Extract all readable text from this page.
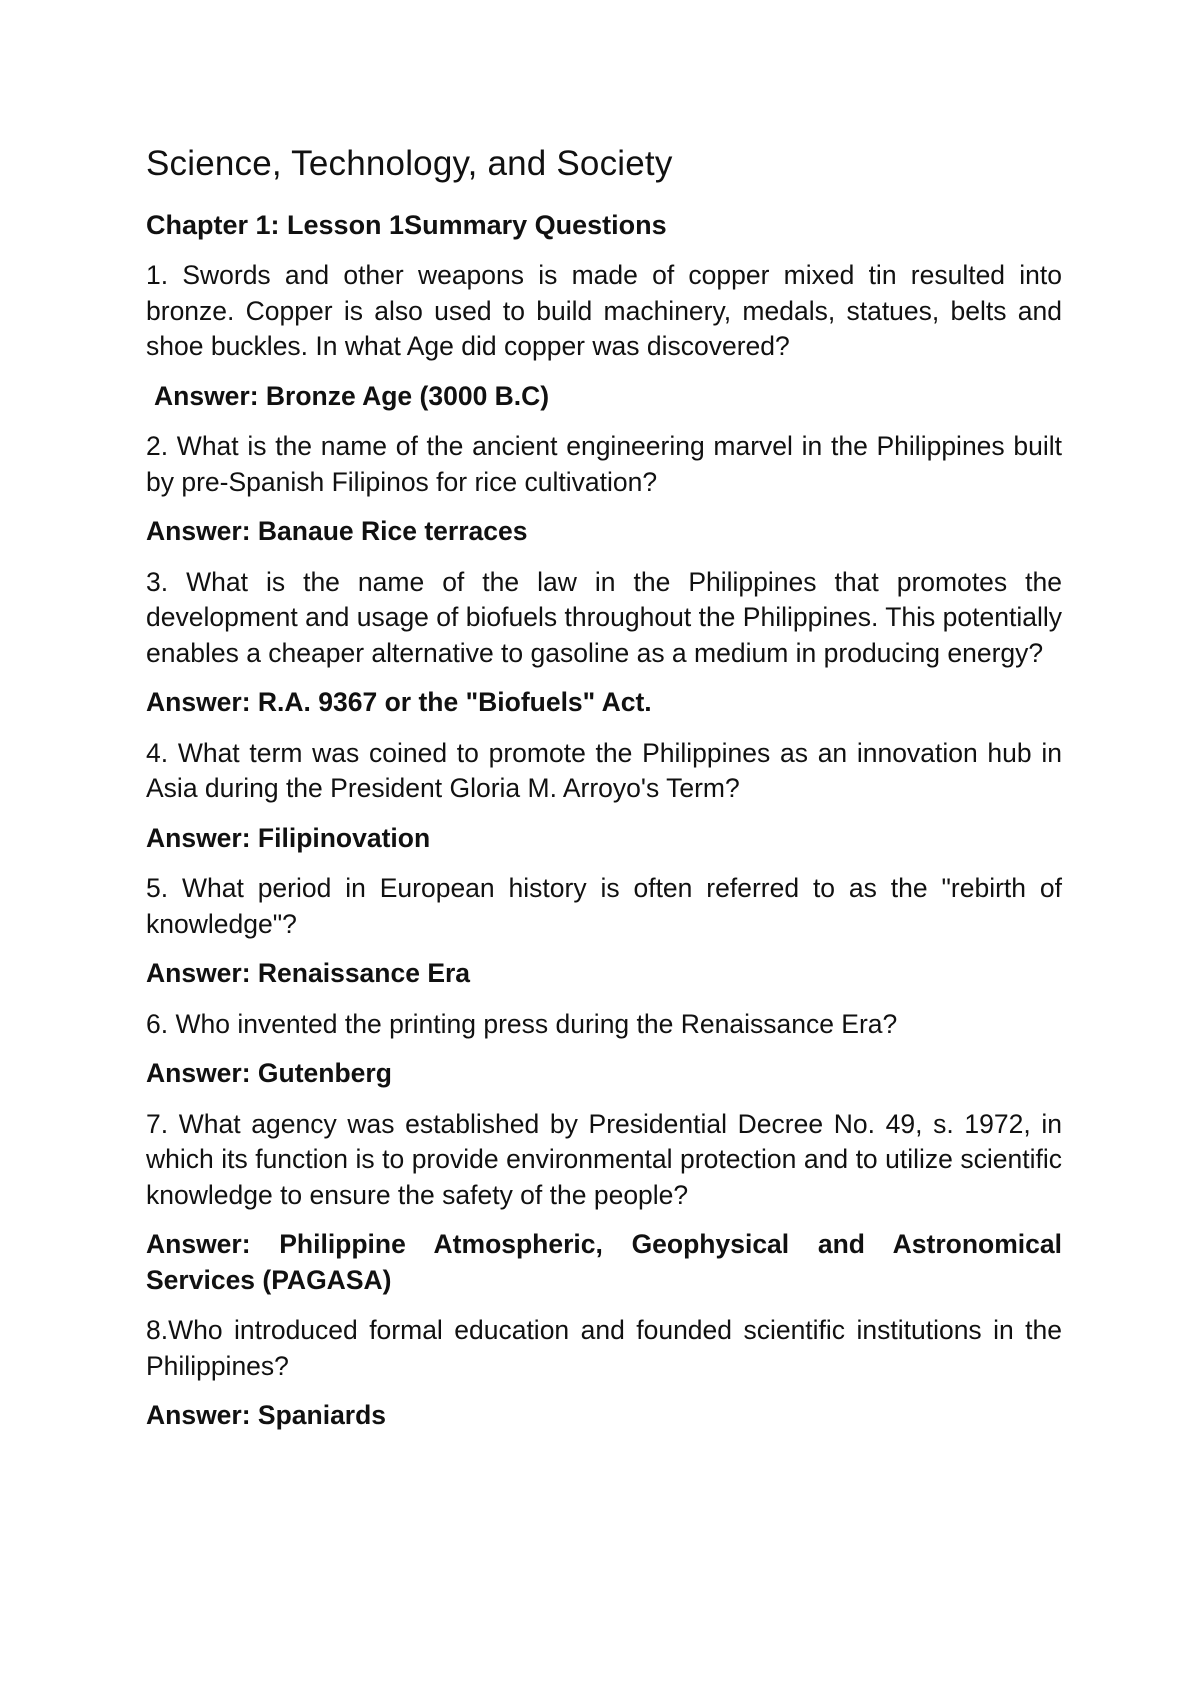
Science, Technology, and Society
Chapter 1: Lesson 1Summary Questions

1. Swords and other weapons is made of copper mixed tin resulted into bronze. Copper is also used to build machinery, medals, statues, belts and shoe buckles. In what Age did copper was discovered?

Answer: Bronze Age (3000 B.C)

2. What is the name of the ancient engineering marvel in the Philippines built by pre-Spanish Filipinos for rice cultivation?

Answer: Banaue Rice terraces

3. What is the name of the law in the Philippines that promotes the development and usage of biofuels throughout the Philippines. This potentially enables a cheaper alternative to gasoline as a medium in producing energy?

Answer: R.A. 9367 or the "Biofuels" Act.

4. What term was coined to promote the Philippines as an innovation hub in Asia during the President Gloria M. Arroyo's Term?

Answer: Filipinovation

5. What period in European history is often referred to as the "rebirth of knowledge"?

Answer: Renaissance Era

6. Who invented the printing press during the Renaissance Era?

Answer: Gutenberg

7. What agency was established by Presidential Decree No. 49, s. 1972, in which its function is to provide environmental protection and to utilize scientific knowledge to ensure the safety of the people?

Answer: Philippine Atmospheric, Geophysical and Astronomical Services (PAGASA)

8.Who introduced formal education and founded scientific institutions in the Philippines?

Answer: Spaniards
